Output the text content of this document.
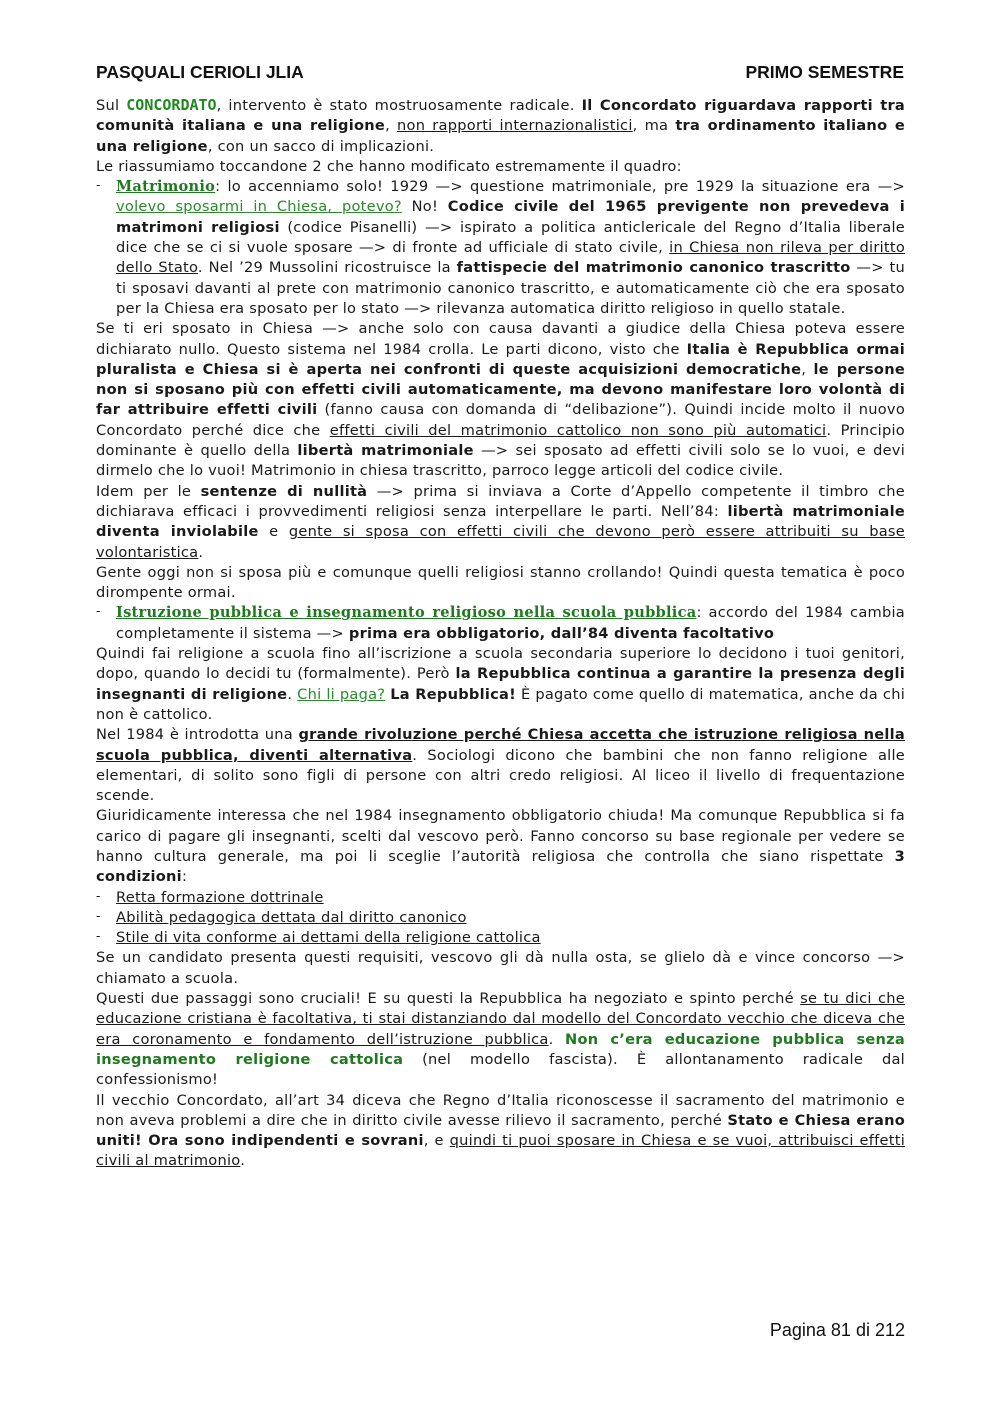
PASQUALI CERIOLI JLIA	PRIMO SEMESTRE

Sul CONCORDATO, intervento è stato mostruosamente radicale. Il Concordato riguardava rapporti tra comunità italiana e una religione, non rapporti internazionalistici, ma tra ordinamento italiano e una religione, con un sacco di implicazioni.

Le riassumiamo toccandone 2 che hanno modificato estremamente il quadro:

- Matrimonio: lo accenniamo solo! 1929 —> questione matrimoniale, pre 1929 la situazione era —> volevo sposarmi in Chiesa, potevo? No! Codice civile del 1965 previgente non prevedeva i matrimoni religiosi (codice Pisanelli) —> ispirato a politica anticlericale del Regno d’Italia liberale dice che se ci si vuole sposare —> di fronte ad ufficiale di stato civile, in Chiesa non rileva per diritto dello Stato. Nel ’29 Mussolini ricostruisce la fattispecie del matrimonio canonico trascritto —> tu ti sposavi davanti al prete con matrimonio canonico trascritto, e automaticamente ciò che era sposato per la Chiesa era sposato per lo stato —> rilevanza automatica diritto religioso in quello statale.

Se ti eri sposato in Chiesa —> anche solo con causa davanti a giudice della Chiesa poteva essere dichiarato nullo. Questo sistema nel 1984 crolla. Le parti dicono, visto che Italia è Repubblica ormai pluralista e Chiesa si è aperta nei confronti di queste acquisizioni democratiche, le persone non si sposano più con effetti civili automaticamente, ma devono manifestare loro volontà di far attribuire effetti civili (fanno causa con domanda di “delibazione”). Quindi incide molto il nuovo Concordato perché dice che effetti civili del matrimonio cattolico non sono più automatici. Principio dominante è quello della libertà matrimoniale —> sei sposato ad effetti civili solo se lo vuoi, e devi dirmelo che lo vuoi! Matrimonio in chiesa trascritto, parroco legge articoli del codice civile.

Idem per le sentenze di nullità —> prima si inviava a Corte d’Appello competente il timbro che dichiarava efficaci i provvedimenti religiosi senza interpellare le parti. Nell’84: libertà matrimoniale diventa inviolabile e gente si sposa con effetti civili che devono però essere attribuiti su base volontaristica.

Gente oggi non si sposa più e comunque quelli religiosi stanno crollando! Quindi questa tematica è poco dirompente ormai.

- Istruzione pubblica e insegnamento religioso nella scuola pubblica: accordo del 1984 cambia completamente il sistema —> prima era obbligatorio, dall’84 diventa facoltativo

Quindi fai religione a scuola fino all’iscrizione a scuola secondaria superiore lo decidono i tuoi genitori, dopo, quando lo decidi tu (formalmente). Però la Repubblica continua a garantire la presenza degli insegnanti di religione. Chi li paga? La Repubblica! È pagato come quello di matematica, anche da chi non è cattolico.

Nel 1984 è introdotta una grande rivoluzione perché Chiesa accetta che istruzione religiosa nella scuola pubblica, diventi alternativa. Sociologi dicono che bambini che non fanno religione alle elementari, di solito sono figli di persone con altri credo religiosi. Al liceo il livello di frequentazione scende.

Giuridicamente interessa che nel 1984 insegnamento obbligatorio chiuda! Ma comunque Repubblica si fa carico di pagare gli insegnanti, scelti dal vescovo però. Fanno concorso su base regionale per vedere se hanno cultura generale, ma poi li sceglie l’autorità religiosa che controlla che siano rispettate 3 condizioni:

- Retta formazione dottrinale
- Abilità pedagogica dettata dal diritto canonico
- Stile di vita conforme ai dettami della religione cattolica

Se un candidato presenta questi requisiti, vescovo gli dà nulla osta, se glielo dà e vince concorso —> chiamato a scuola.

Questi due passaggi sono cruciali! E su questi la Repubblica ha negoziato e spinto perché se tu dici che educazione cristiana è facoltativa, ti stai distanziando dal modello del Concordato vecchio che diceva che era coronamento e fondamento dell’istruzione pubblica. Non c’era educazione pubblica senza insegnamento religione cattolica (nel modello fascista). È allontanamento radicale dal confessionismo!

Il vecchio Concordato, all’art 34 diceva che Regno d’Italia riconoscesse il sacramento del matrimonio e non aveva problemi a dire che in diritto civile avesse rilievo il sacramento, perché Stato e Chiesa erano uniti! Ora sono indipendenti e sovrani, e quindi ti puoi sposare in Chiesa e se vuoi, attribuisci effetti civili al matrimonio.

Pagina 81 di 212
